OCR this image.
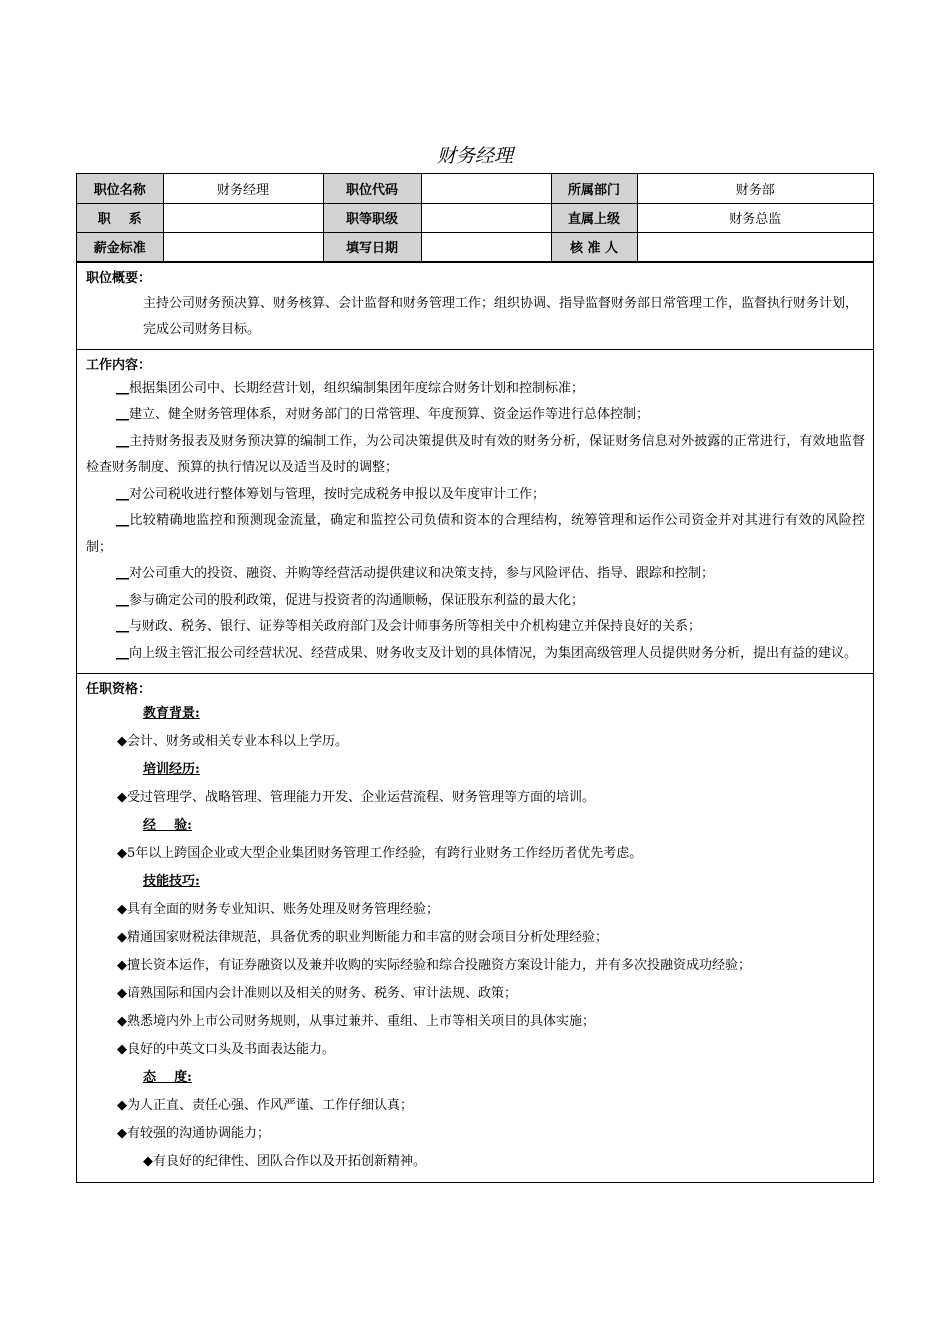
财务经理
职位名称	财务经理	职位代码		所属部门	财务部
职    系		职等职级		直属上级	财务总监
薪金标准		填写日期		核 准 人	
职位概要：
主持公司财务预决算、财务核算、会计监督和财务管理工作；组织协调、指导监督财务部日常管理工作，监督执行财务计划，完成公司财务目标。
工作内容：
__根据集团公司中、长期经营计划，组织编制集团年度综合财务计划和控制标准；
__建立、健全财务管理体系，对财务部门的日常管理、年度预算、资金运作等进行总体控制；
__主持财务报表及财务预决算的编制工作，为公司决策提供及时有效的财务分析，保证财务信息对外披露的正常进行，有效地监督检查财务制度、预算的执行情况以及适当及时的调整；
__对公司税收进行整体筹划与管理，按时完成税务申报以及年度审计工作；
__比较精确地监控和预测现金流量，确定和监控公司负债和资本的合理结构，统筹管理和运作公司资金并对其进行有效的风险控制；
__对公司重大的投资、融资、并购等经营活动提供建议和决策支持，参与风险评估、指导、跟踪和控制；
__参与确定公司的股利政策，促进与投资者的沟通顺畅，保证股东利益的最大化；
__与财政、税务、银行、证券等相关政府部门及会计师事务所等相关中介机构建立并保持良好的关系；
__向上级主管汇报公司经营状况、经营成果、财务收支及计划的具体情况，为集团高级管理人员提供财务分析，提出有益的建议。
任职资格：
教育背景:
◆会计、财务或相关专业本科以上学历。
培训经历:
◆受过管理学、战略管理、管理能力开发、企业运营流程、财务管理等方面的培训。
经    验:
◆5年以上跨国企业或大型企业集团财务管理工作经验，有跨行业财务工作经历者优先考虑。
技能技巧:
◆具有全面的财务专业知识、账务处理及财务管理经验；
◆精通国家财税法律规范，具备优秀的职业判断能力和丰富的财会项目分析处理经验；
◆擅长资本运作，有证券融资以及兼并收购的实际经验和综合投融资方案设计能力，并有多次投融资成功经验；
◆谙熟国际和国内会计准则以及相关的财务、税务、审计法规、政策；
◆熟悉境内外上市公司财务规则，从事过兼并、重组、上市等相关项目的具体实施；
◆良好的中英文口头及书面表达能力。
态    度:
◆为人正直、责任心强、作风严谨、工作仔细认真；
◆有较强的沟通协调能力；
◆有良好的纪律性、团队合作以及开拓创新精神。
